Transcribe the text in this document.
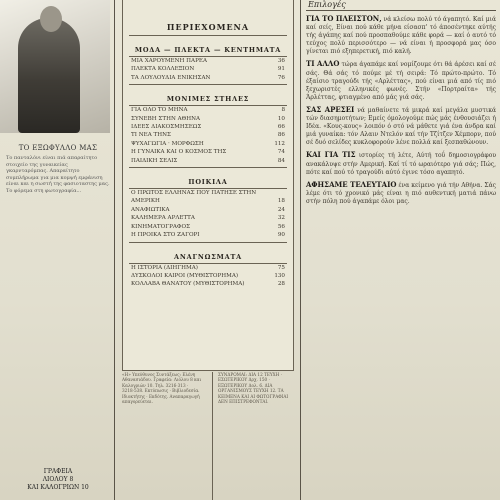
ΤΟ ΕΞΩΦΥΛΛΟ ΜΑΣ
Το πανταλόνι είναι πιά απαραίτητο στοιχείο της γυναικείας γκαρνταρόμπας. Απαραίτητο συμπλήρωμα για μια κομψή εμφάνιση είναι και η σωστή της φασιοταστης μας. Το φόρεμα στη φωτογραφία...
ΓΡΑΦΕΙΑ
ΛΙΟΛΟΥ 8
ΚΑΙ ΚΑΛΟΓΡΙΩΝ 10
ΠΕΡΙΕΧΟΜΕΝΑ
ΜΟΔΑ — ΠΛΕΚΤΑ — ΚΕΝΤΗΜΑΤΑ
ΜΙΑ ΧΑΡΟΥΜΕΝΗ ΠΑΡΕΑ	36
ΠΛΕΚΤΑ ΚΟΛΛΕΞΙΟΝ	91
ΤΑ ΛΟΥΛΟΥΔΙΑ ΕΝΙΚΗΣΑΝ	76
ΜΟΝΙΜΕΣ ΣΤΗΛΕΣ
ΓΙΑ ΟΛΟ ΤΟ ΜΗΝΑ	8
ΣΥΝΕΒΗ ΣΤΗΝ ΑΘΗΝΑ	10
ΙΔΕΕΣ ΔΙΑΚΟΣΜΗΣΕΩΣ	66
ΤΙ ΝΕΑ ΤΗΝΣ	86
ΨΥΧΑΓΩΓΙΑ · ΜΟΡΦΩΣΗ	112
Η ΓΥΝΑΙΚΑ ΚΑΙ Ο ΚΟΣΜΟΣ ΤΗΣ	74
ΠΑΙΔΙΚΗ ΣΕΛΙΣ	84
ΠΟΙΚΙΛΑ
Ο ΠΡΩΤΟΣ ΕΛΛΗΝΑΣ ΠΟΥ ΠΑΤΗΣΕ ΣΤΗΝ
ΑΜΕΡΙΚΗ	18
ΑΝΑΦΙΩΤΙΚΑ	24
ΚΑΛΗΜΕΡΑ ΑΡΛΕΤΤΑ	32
ΚΙΝΗΜΑΤΟΓΡΑΦΟΣ	56
Η ΠΡΟΙΚΑ ΣΤΟ ΖΑΓΟΡΙ	90
ΑΝΑΓΝΩΣΜΑΤΑ
Η ΙΣΤΟΡΙΑ (ΔΙΗΓΗΜΑ)	75
ΔΥΣΚΟΛΟΙ ΚΑΙΡΟΙ (ΜΥΘΙΣΤΟΡΗΜΑ)	130
ΚΟΛΛΑΒΑ ΘΑΝΑΤΟΥ (ΜΥΘΙΣΤΟΡΗΜΑ)	28
«Η» Υπεύθυνος Συντάξεως: Ελένη Αθανασιάδου. Γραφεία: Λιόλου 8 και Καλογριών 10. Τηλ. 3216·313 · 3218·538. Εκτύπωσις · Βιβλιοδεσία. Ιδιοκτήτης · Εκδότης. Αναπαραγωγή απαγορεύεται.
ΣΥΝΔΡΟΜΑΙ: ΔΙΑ 12 ΤΕΥΧΗ · ΕΣΩΤΕΡΙΚΟΥ Δρχ. 150 · ΕΞΩΤΕΡΙΚΟΥ Δολ. 6. ΔΙΑ ΟΡΓΑΝΙΣΜΟΥΣ ΤΕΥΧΗ 12. ΤΑ ΚΕΙΜΕΝΑ ΚΑΙ ΑΙ ΦΩΤΟΓΡΑΦΙΑΙ ΔΕΝ ΕΠΙΣΤΡΕΦΟΝΤΑΙ.
Επιλογές

ΓΙΑ ΤΟ ΠΛΕΙΣΤΟΝ, νά κλείσω πολύ τό άγαπητό. Καί μιά καί σείς, Είναι πού κάθε μήνα είσασπ' τό άποσέντηκε αύτής τής άγάπης καί πού προσπαθούμε κάθε φορά — καί ό αυτό τό τεύχος πολύ περισσότερο — νά είναι ή προσφορά μας όσο γίνεται πιό εξηπερετική, πιό καλή.

ΤΙ ΑΛΛΟ τώρα άγαπάμε καί νομίζουμε ότι θά άρέσει καί σέ σάς. Θά σάς τό πούμε μέ τή σειρά: Τό πρώτο-πρώτο. Τό έξαίσιο τραγούδι τής «Αρλέττας», πού είναι μιά από τίς πιό ξεχωριστές ελληνικές φωνές. Στήν «Πορτραίτα» τής Άρλέττας, φτιαγμένο από μάς γιά σάς.

ΣΑΣ ΑΡΕΣΕΙ νά μαθαίνετε τά μικρά καί μεγάλα μυστικά τών διασημοτήτων; Εμείς όμολογούμε πώς μάς ένθουσιάζει ή Ιδέα. «Κους-κους» λοιπόν ό στό νά μάθετε γιά ένα άνδρα καί μιά γυναίκα: τόν Αλαιν Ντελόν καί τήν Τζίτζεν Χέμπορν, πού σέ δυό σελίδες κυκλοφορούν λένε πολλά καί ξεσπαθώνουν.

ΚΑΙ ΓΙΑ ΤΙΣ ιστορίες τή λέτε, Αύτή τοΰ δημοσιογράφου ανακάλυψε στήν Αμερική. Καί τί τό ωραιότερο γιά σάς; Πώς, πότε καί πού τό τραγούδι αύτό έγινε τόσο αγαπητό.

ΑΦΗΣΑΜΕ ΤΕΛΕΥΤΑΙΟ ένα κείμενο γιά τήν Αθήνα. Σάς λέμε ότι τό χρονικό μάς είναι η πιό αυθεντική ματιά πάνω στήν πόλη πού άγαπάμε όλοι μας.
